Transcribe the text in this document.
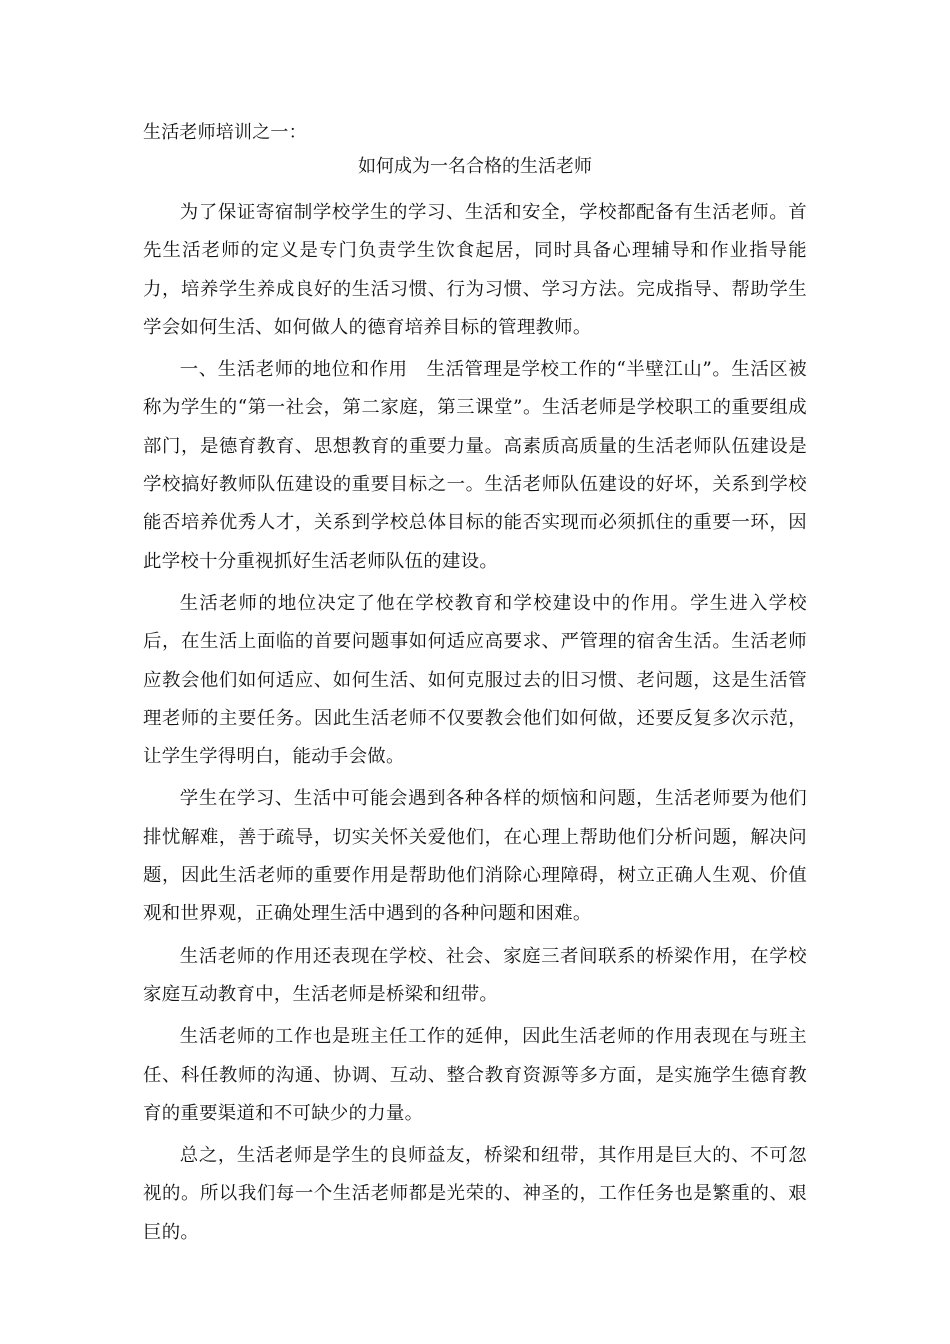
生活老师培训之一：

如何成为一名合格的生活老师

为了保证寄宿制学校学生的学习、生活和安全，学校都配备有生活老师。首先生活老师的定义是专门负责学生饮食起居，同时具备心理辅导和作业指导能力，培养学生养成良好的生活习惯、行为习惯、学习方法。完成指导、帮助学生学会如何生活、如何做人的德育培养目标的管理教师。

一、生活老师的地位和作用　生活管理是学校工作的“半壁江山”。生活区被称为学生的“第一社会，第二家庭，第三课堂”。生活老师是学校职工的重要组成部门，是德育教育、思想教育的重要力量。高素质高质量的生活老师队伍建设是学校搞好教师队伍建设的重要目标之一。生活老师队伍建设的好坏，关系到学校能否培养优秀人才，关系到学校总体目标的能否实现而必须抓住的重要一环，因此学校十分重视抓好生活老师队伍的建设。

生活老师的地位决定了他在学校教育和学校建设中的作用。学生进入学校后，在生活上面临的首要问题事如何适应高要求、严管理的宿舍生活。生活老师应教会他们如何适应、如何生活、如何克服过去的旧习惯、老问题，这是生活管理老师的主要任务。因此生活老师不仅要教会他们如何做，还要反复多次示范，让学生学得明白，能动手会做。

学生在学习、生活中可能会遇到各种各样的烦恼和问题，生活老师要为他们排忧解难，善于疏导，切实关怀关爱他们，在心理上帮助他们分析问题，解决问题，因此生活老师的重要作用是帮助他们消除心理障碍，树立正确人生观、价值观和世界观，正确处理生活中遇到的各种问题和困难。

生活老师的作用还表现在学校、社会、家庭三者间联系的桥梁作用，在学校家庭互动教育中，生活老师是桥梁和纽带。

生活老师的工作也是班主任工作的延伸，因此生活老师的作用表现在与班主任、科任教师的沟通、协调、互动、整合教育资源等多方面，是实施学生德育教育的重要渠道和不可缺少的力量。

总之，生活老师是学生的良师益友，桥梁和纽带，其作用是巨大的、不可忽视的。所以我们每一个生活老师都是光荣的、神圣的，工作任务也是繁重的、艰巨的。
